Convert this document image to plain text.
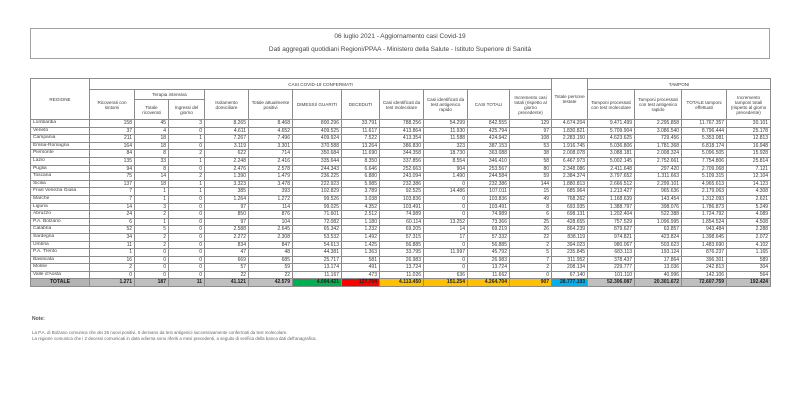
06 luglio 2021 - Aggiornamento casi Covid-19
Dati aggregati quotidiani Regioni/PPAA - Ministero della Salute - Istituto Superiore di Sanità
REGIONE	CASI COVID-19 CONFERMATI											Totale persone testate	TAMPONI			
	Ricoverati con sintomi	Terapia intensiva		Isolamento domiciliare	Totale attualmente positivi	DIMESSI/ GUARITI	DECEDUTI	Casi identificati da test molecolare	Casi identificati da test antigenico rapido	CASI TOTALI	Incremento casi totali (rispetto al giorno precedente)		Tamponi processati con test molecolare	Tamponi processati con test antigenico rapido	TOTALE tamponi effettuati	Incremento tamponi totali (rispetto al giorno precedente)
		Totale ricoverati	Ingressi del giorno													
Lombardia	158	45	3	8.265	8.468	800.296	33.791	788.256	54.299	842.555	129	4.674.204	9.471.499	2.295.858	11.767.357	30.101
Veneto	37	4	0	4.611	4.652	409.525	11.617	413.864	11.930	425.794	97	1.830.821	5.709.904	3.086.540	8.796.444	25.178
Campania	211	18	1	7.267	7.496	409.924	7.522	413.354	11.588	424.942	108	2.283.150	4.623.625	729.456	5.353.081	12.813
Emilia-Romagna	164	18	0	3.119	3.301	370.588	13.264	386.830	323	387.153	53	1.916.745	5.036.806	1.781.368	6.818.174	16.948
Piemonte	84	8	2	622	714	350.684	11.690	344.358	18.730	363.088	38	2.008.078	3.088.181	2.008.324	5.096.505	15.928
Lazio	135	33	1	2.248	2.416	335.644	8.350	337.856	8.554	346.410	58	6.467.973	5.002.145	2.752.661	7.754.806	25.814
Puglia	94	8	0	2.476	2.578	244.343	6.646	252.663	904	253.567	80	2.348.086	2.411.648	297.420	2.709.068	7.121
Toscana	75	14	2	1.390	1.479	236.225	6.880	243.094	1.490	244.584	59	2.384.374	3.797.652	1.311.663	5.109.315	12.104
Sicilia	137	18	1	3.323	3.478	222.923	5.985	232.386	0	232.386	144	1.880.813	2.666.512	2.299.101	4.965.613	14.123
Friuli Venezia Giulia	7	1	1	385	393	102.829	3.789	92.525	14.486	107.011	15	685.964	1.213.427	965.636	2.179.063	4.308
Marche	7	1	0	1.264	1.272	99.526	3.038	103.836	0	103.836	49	768.262	1.168.639	143.454	1.312.093	2.621
Liguria	14	3	0	97	114	99.025	4.352	103.491	0	103.491	8	693.935	1.388.797	398.076	1.786.873	5.249
Abruzzo	24	2	0	850	876	71.601	2.512	74.989	0	74.989	6	698.131	1.202.404	522.388	1.724.792	4.089
P.A. Bolzano	6	1	0	97	104	72.082	1.180	60.114	13.252	73.366	25	428.655	757.529	1.096.995	1.854.524	4.508
Calabria	52	5	0	2.588	2.645	65.342	1.232	69.205	14	69.219	26	864.239	879.627	63.857	943.484	2.288
Sardegna	34	2	0	2.272	2.308	53.532	1.492	57.315	17	57.332	22	838.119	974.821	423.824	1.398.645	2.072
Umbria	11	2	0	834	847	54.613	1.425	56.885	0	56.885	2	394.023	980.067	503.623	1.483.690	4.102
P.A. Trento	1	0	0	47	48	44.381	1.363	33.795	11.997	45.792	5	235.845	683.113	193.124	876.237	1.165
Basilicata	16	0	0	669	685	25.717	581	26.983	0	26.983	7	311.952	378.437	17.864	396.301	589
Molise	2	0	0	57	59	13.174	491	13.724	0	13.724	2	208.134	229.777	13.036	242.813	304
Valle d'Aosta	0	0	0	22	22	11.167	473	11.026	636	11.662	0	67.140	101.110	40.996	142.106	564
TOTALE	1.271	187	11	41.121	42.579	4.094.421	127.704	4.113.450	151.254	4.264.704	907	28.777.193	52.306.087	20.301.672	72.607.759	192.424
Note:
La P.A. di Bolzano comunica che dei 25 nuovi positivi, 5 derivano da test antigenici successivamente confermati da test molecolare.
La regione comunica che i 2 decessi comunicati in data odierna sono riferiti a mesi precedenti, a seguito di verifica della banca dati dell'anagrafica.
